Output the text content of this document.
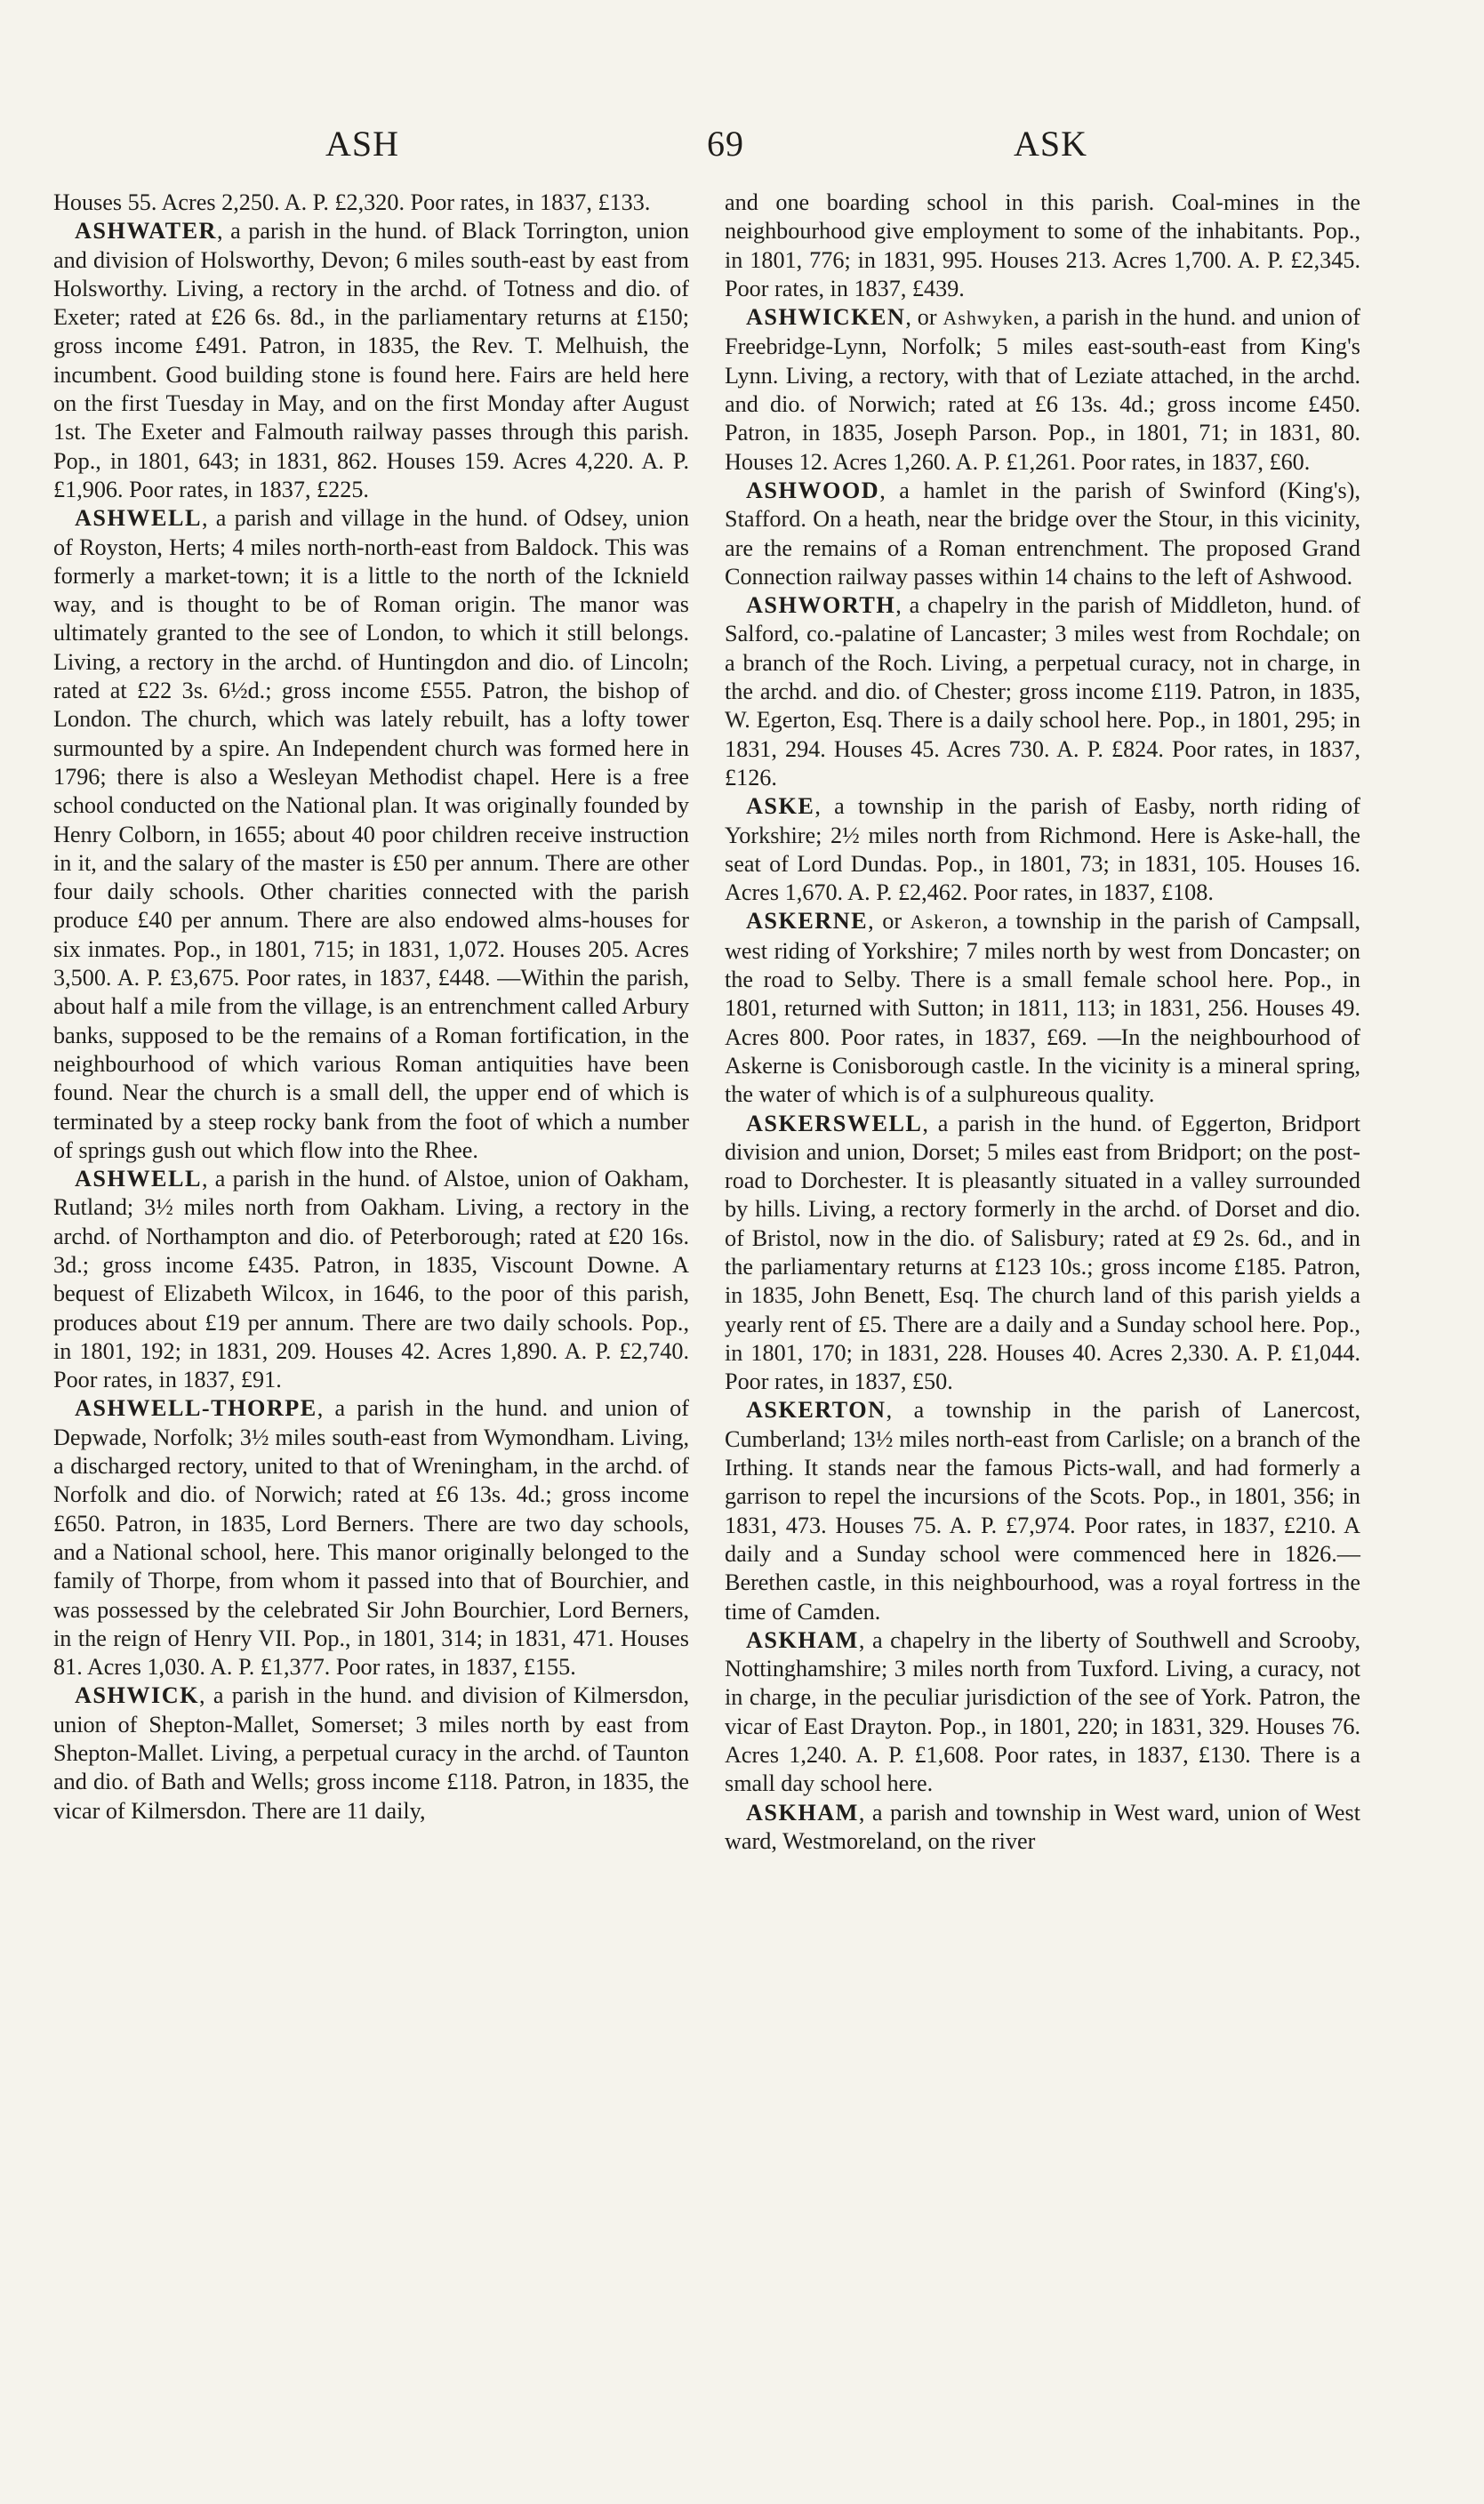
ASH	69	ASK

Houses 55. Acres 2,250. A. P. £2,320. Poor rates, in 1837, £133.

ASHWATER, a parish in the hund. of Black Torrington, union and division of Holsworthy, Devon; 6 miles south-east by east from Holsworthy. Living, a rectory in the archd. of Totness and dio. of Exeter; rated at £26 6s. 8d., in the parliamentary returns at £150; gross income £491. Patron, in 1835, the Rev. T. Melhuish, the incumbent. Good building stone is found here. Fairs are held here on the first Tuesday in May, and on the first Monday after August 1st. The Exeter and Falmouth railway passes through this parish. Pop., in 1801, 643; in 1831, 862. Houses 159. Acres 4,220. A. P. £1,906. Poor rates, in 1837, £225.

ASHWELL, a parish and village in the hund. of Odsey, union of Royston, Herts; 4 miles north-north-east from Baldock. This was formerly a market-town; it is a little to the north of the Icknield way, and is thought to be of Roman origin. The manor was ultimately granted to the see of London, to which it still belongs. Living, a rectory in the archd. of Huntingdon and dio. of Lincoln; rated at £22 3s. 6½d.; gross income £555. Patron, the bishop of London. The church, which was lately rebuilt, has a lofty tower surmounted by a spire. An Independent church was formed here in 1796; there is also a Wesleyan Methodist chapel. Here is a free school conducted on the National plan. It was originally founded by Henry Colborn, in 1655; about 40 poor children receive instruction in it, and the salary of the master is £50 per annum. There are other four daily schools. Other charities connected with the parish produce £40 per annum. There are also endowed alms-houses for six inmates. Pop., in 1801, 715; in 1831, 1,072. Houses 205. Acres 3,500. A. P. £3,675. Poor rates, in 1837, £448. —Within the parish, about half a mile from the village, is an entrenchment called Arbury banks, supposed to be the remains of a Roman fortification, in the neighbourhood of which various Roman antiquities have been found. Near the church is a small dell, the upper end of which is terminated by a steep rocky bank from the foot of which a number of springs gush out which flow into the Rhee.

ASHWELL, a parish in the hund. of Alstoe, union of Oakham, Rutland; 3½ miles north from Oakham. Living, a rectory in the archd. of Northampton and dio. of Peterborough; rated at £20 16s. 3d.; gross income £435. Patron, in 1835, Viscount Downe. A bequest of Elizabeth Wilcox, in 1646, to the poor of this parish, produces about £19 per annum. There are two daily schools. Pop., in 1801, 192; in 1831, 209. Houses 42. Acres 1,890. A. P. £2,740. Poor rates, in 1837, £91.

ASHWELL-THORPE, a parish in the hund. and union of Depwade, Norfolk; 3½ miles south-east from Wymondham. Living, a discharged rectory, united to that of Wreningham, in the archd. of Norfolk and dio. of Norwich; rated at £6 13s. 4d.; gross income £650. Patron, in 1835, Lord Berners. There are two day schools, and a National school, here. This manor originally belonged to the family of Thorpe, from whom it passed into that of Bourchier, and was possessed by the celebrated Sir John Bourchier, Lord Berners, in the reign of Henry VII. Pop., in 1801, 314; in 1831, 471. Houses 81. Acres 1,030. A. P. £1,377. Poor rates, in 1837, £155.

ASHWICK, a parish in the hund. and division of Kilmersdon, union of Shepton-Mallet, Somerset; 3 miles north by east from Shepton-Mallet. Living, a perpetual curacy in the archd. of Taunton and dio. of Bath and Wells; gross income £118. Patron, in 1835, the vicar of Kilmersdon. There are 11 daily,

and one boarding school in this parish. Coal-mines in the neighbourhood give employment to some of the inhabitants. Pop., in 1801, 776; in 1831, 995. Houses 213. Acres 1,700. A. P. £2,345. Poor rates, in 1837, £439.

ASHWICKEN, or Ashwyken, a parish in the hund. and union of Freebridge-Lynn, Norfolk; 5 miles east-south-east from King's Lynn. Living, a rectory, with that of Leziate attached, in the archd. and dio. of Norwich; rated at £6 13s. 4d.; gross income £450. Patron, in 1835, Joseph Parson. Pop., in 1801, 71; in 1831, 80. Houses 12. Acres 1,260. A. P. £1,261. Poor rates, in 1837, £60.

ASHWOOD, a hamlet in the parish of Swinford (King's), Stafford. On a heath, near the bridge over the Stour, in this vicinity, are the remains of a Roman entrenchment. The proposed Grand Connection railway passes within 14 chains to the left of Ashwood.

ASHWORTH, a chapelry in the parish of Middleton, hund. of Salford, co.-palatine of Lancaster; 3 miles west from Rochdale; on a branch of the Roch. Living, a perpetual curacy, not in charge, in the archd. and dio. of Chester; gross income £119. Patron, in 1835, W. Egerton, Esq. There is a daily school here. Pop., in 1801, 295; in 1831, 294. Houses 45. Acres 730. A. P. £824. Poor rates, in 1837, £126.

ASKE, a township in the parish of Easby, north riding of Yorkshire; 2½ miles north from Richmond. Here is Aske-hall, the seat of Lord Dundas. Pop., in 1801, 73; in 1831, 105. Houses 16. Acres 1,670. A. P. £2,462. Poor rates, in 1837, £108.

ASKERNE, or Askeron, a township in the parish of Campsall, west riding of Yorkshire; 7 miles north by west from Doncaster; on the road to Selby. There is a small female school here. Pop., in 1801, returned with Sutton; in 1811, 113; in 1831, 256. Houses 49. Acres 800. Poor rates, in 1837, £69. —In the neighbourhood of Askerne is Conisborough castle. In the vicinity is a mineral spring, the water of which is of a sulphureous quality.

ASKERSWELL, a parish in the hund. of Eggerton, Bridport division and union, Dorset; 5 miles east from Bridport; on the post-road to Dorchester. It is pleasantly situated in a valley surrounded by hills. Living, a rectory formerly in the archd. of Dorset and dio. of Bristol, now in the dio. of Salisbury; rated at £9 2s. 6d., and in the parliamentary returns at £123 10s.; gross income £185. Patron, in 1835, John Benett, Esq. The church land of this parish yields a yearly rent of £5. There are a daily and a Sunday school here. Pop., in 1801, 170; in 1831, 228. Houses 40. Acres 2,330. A. P. £1,044. Poor rates, in 1837, £50.

ASKERTON, a township in the parish of Lanercost, Cumberland; 13½ miles north-east from Carlisle; on a branch of the Irthing. It stands near the famous Picts-wall, and had formerly a garrison to repel the incursions of the Scots. Pop., in 1801, 356; in 1831, 473. Houses 75. A. P. £7,974. Poor rates, in 1837, £210. A daily and a Sunday school were commenced here in 1826.—Berethen castle, in this neighbourhood, was a royal fortress in the time of Camden.

ASKHAM, a chapelry in the liberty of Southwell and Scrooby, Nottinghamshire; 3 miles north from Tuxford. Living, a curacy, not in charge, in the peculiar jurisdiction of the see of York. Patron, the vicar of East Drayton. Pop., in 1801, 220; in 1831, 329. Houses 76. Acres 1,240. A. P. £1,608. Poor rates, in 1837, £130. There is a small day school here.

ASKHAM, a parish and township in West ward, union of West ward, Westmoreland, on the river
